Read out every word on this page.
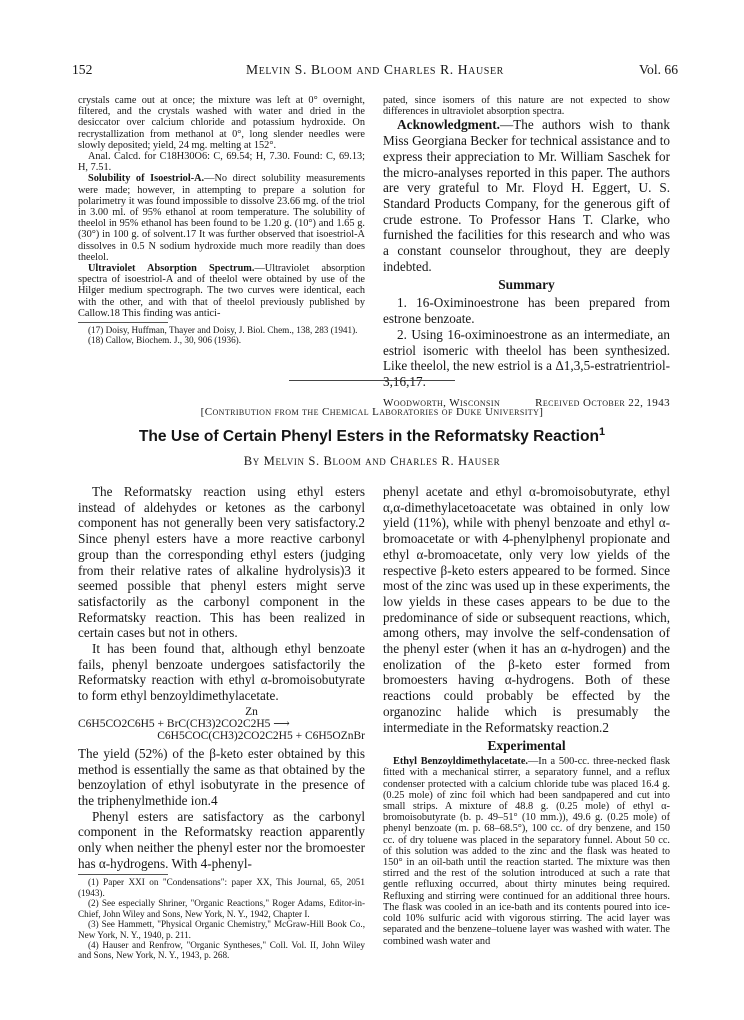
152	Melvin S. Bloom and Charles R. Hauser	Vol. 66

crystals came out at once; the mixture was left at 0° overnight, filtered, and the crystals washed with water and dried in the desiccator over calcium chloride and potassium hydroxide. On recrystallization from methanol at 0°, long slender needles were slowly deposited; yield, 24 mg. melting at 152°.

Anal. Calcd. for C18H30O6: C, 69.54; H, 7.30. Found: C, 69.13; H, 7.51.

Solubility of Isoestriol-A.—No direct solubility measurements were made; however, in attempting to prepare a solution for polarimetry it was found impossible to dissolve 23.66 mg. of the triol in 3.00 ml. of 95% ethanol at room temperature. The solubility of theelol in 95% ethanol has been found to be 1.20 g. (10°) and 1.65 g. (30°) in 100 g. of solvent.17 It was further observed that isoestriol-A dissolves in 0.5 N sodium hydroxide much more readily than does theelol.

Ultraviolet Absorption Spectrum.—Ultraviolet absorption spectra of isoestriol-A and of theelol were obtained by use of the Hilger medium spectrograph. The two curves were identical, each with the other, and with that of theelol previously published by Callow.18 This finding was antici-

(17) Doisy, Huffman, Thayer and Doisy, J. Biol. Chem., 138, 283 (1941).

(18) Callow, Biochem. J., 30, 906 (1936).

pated, since isomers of this nature are not expected to show differences in ultraviolet absorption spectra.

Acknowledgment.—The authors wish to thank Miss Georgiana Becker for technical assistance and to express their appreciation to Mr. William Saschek for the micro-analyses reported in this paper. The authors are very grateful to Mr. Floyd H. Eggert, U. S. Standard Products Company, for the generous gift of crude estrone. To Professor Hans T. Clarke, who furnished the facilities for this research and who was a constant counselor throughout, they are deeply indebted.

Summary

1. 16-Oximinoestrone has been prepared from estrone benzoate.

2. Using 16-oximinoestrone as an intermediate, an estriol isomeric with theelol has been synthesized. Like theelol, the new estriol is a Δ1,3,5-estratrientriol-3,16,17.

Woodworth, Wisconsin	Received October 22, 1943
[Contribution from the Chemical Laboratories of Duke University]
The Use of Certain Phenyl Esters in the Reformatsky Reaction$^1$
By Melvin S. Bloom and Charles R. Hauser

The Reformatsky reaction using ethyl esters instead of aldehydes or ketones as the carbonyl component has not generally been very satisfactory.2 Since phenyl esters have a more reactive carbonyl group than the corresponding ethyl esters (judging from their relative rates of alkaline hydrolysis)3 it seemed possible that phenyl esters might serve satisfactorily as the carbonyl component in the Reformatsky reaction. This has been realized in certain cases but not in others.

It has been found that, although ethyl benzoate fails, phenyl benzoate undergoes satisfactorily the Reformatsky reaction with ethyl α-bromoisobutyrate to form ethyl benzoyldimethylacetate.

Zn
C6H5CO2C6H5 + BrC(CH3)2CO2C2H5 ⟶
C6H5COC(CH3)2CO2C2H5 + C6H5OZnBr

The yield (52%) of the β-keto ester obtained by this method is essentially the same as that obtained by the benzoylation of ethyl isobutyrate in the presence of the triphenylmethide ion.4

Phenyl esters are satisfactory as the carbonyl component in the Reformatsky reaction apparently only when neither the phenyl ester nor the bromoester has α-hydrogens. With 4-phenyl-

(1) Paper XXI on "Condensations": paper XX, This Journal, 65, 2051 (1943).

(2) See especially Shriner, "Organic Reactions," Roger Adams, Editor-in-Chief, John Wiley and Sons, New York, N. Y., 1942, Chapter I.

(3) See Hammett, "Physical Organic Chemistry," McGraw-Hill Book Co., New York, N. Y., 1940, p. 211.

(4) Hauser and Renfrow, "Organic Syntheses," Coll. Vol. II, John Wiley and Sons, New York, N. Y., 1943, p. 268.

phenyl acetate and ethyl α-bromoisobutyrate, ethyl α,α-dimethylacetoacetate was obtained in only low yield (11%), while with phenyl benzoate and ethyl α-bromoacetate or with 4-phenylphenyl propionate and ethyl α-bromoacetate, only very low yields of the respective β-keto esters appeared to be formed. Since most of the zinc was used up in these experiments, the low yields in these cases appears to be due to the predominance of side or subsequent reactions, which, among others, may involve the self-condensation of the phenyl ester (when it has an α-hydrogen) and the enolization of the β-keto ester formed from bromoesters having α-hydrogens. Both of these reactions could probably be effected by the organozinc halide which is presumably the intermediate in the Reformatsky reaction.2

Experimental

Ethyl Benzoyldimethylacetate.—In a 500-cc. three-necked flask fitted with a mechanical stirrer, a separatory funnel, and a reflux condenser protected with a calcium chloride tube was placed 16.4 g. (0.25 mole) of zinc foil which had been sandpapered and cut into small strips. A mixture of 48.8 g. (0.25 mole) of ethyl α-bromoisobutyrate (b. p. 49–51° (10 mm.)), 49.6 g. (0.25 mole) of phenyl benzoate (m. p. 68–68.5°), 100 cc. of dry benzene, and 150 cc. of dry toluene was placed in the separatory funnel. About 50 cc. of this solution was added to the zinc and the flask was heated to 150° in an oil-bath until the reaction started. The mixture was then stirred and the rest of the solution introduced at such a rate that gentle refluxing occurred, about thirty minutes being required. Refluxing and stirring were continued for an additional three hours. The flask was cooled in an ice-bath and its contents poured into ice-cold 10% sulfuric acid with vigorous stirring. The acid layer was separated and the benzene–toluene layer was washed with water. The combined wash water and
